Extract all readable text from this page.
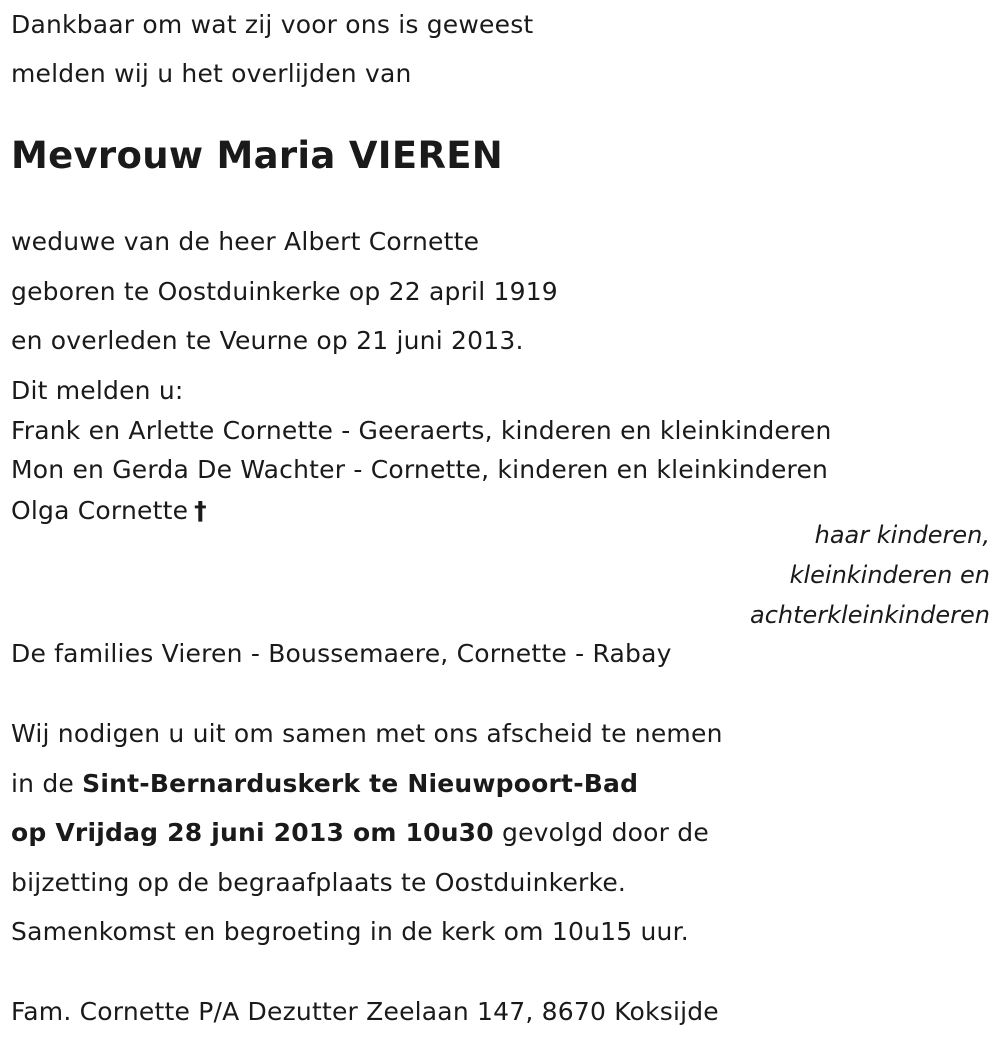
Dankbaar om wat zij voor ons is geweest
melden wij u het overlijden van
Mevrouw Maria VIEREN
weduwe van de heer Albert Cornette
geboren te Oostduinkerke op 22 april 1919
en overleden te Veurne op 21 juni 2013.
Dit melden u:
Frank en Arlette Cornette - Geeraerts, kinderen en kleinkinderen
Mon en Gerda De Wachter - Cornette, kinderen en kleinkinderen
Olga Cornette †
haar kinderen,
kleinkinderen en
achterkleinkinderen
De families Vieren - Boussemaere, Cornette - Rabay
Wij nodigen u uit om samen met ons afscheid te nemen
in de Sint-Bernarduskerk te Nieuwpoort-Bad
op Vrijdag 28 juni 2013 om 10u30 gevolgd door de
bijzetting op de begraafplaats te Oostduinkerke.
Samenkomst en begroeting in de kerk om 10u15 uur.
Fam. Cornette P/A Dezutter Zeelaan 147, 8670 Koksijde
